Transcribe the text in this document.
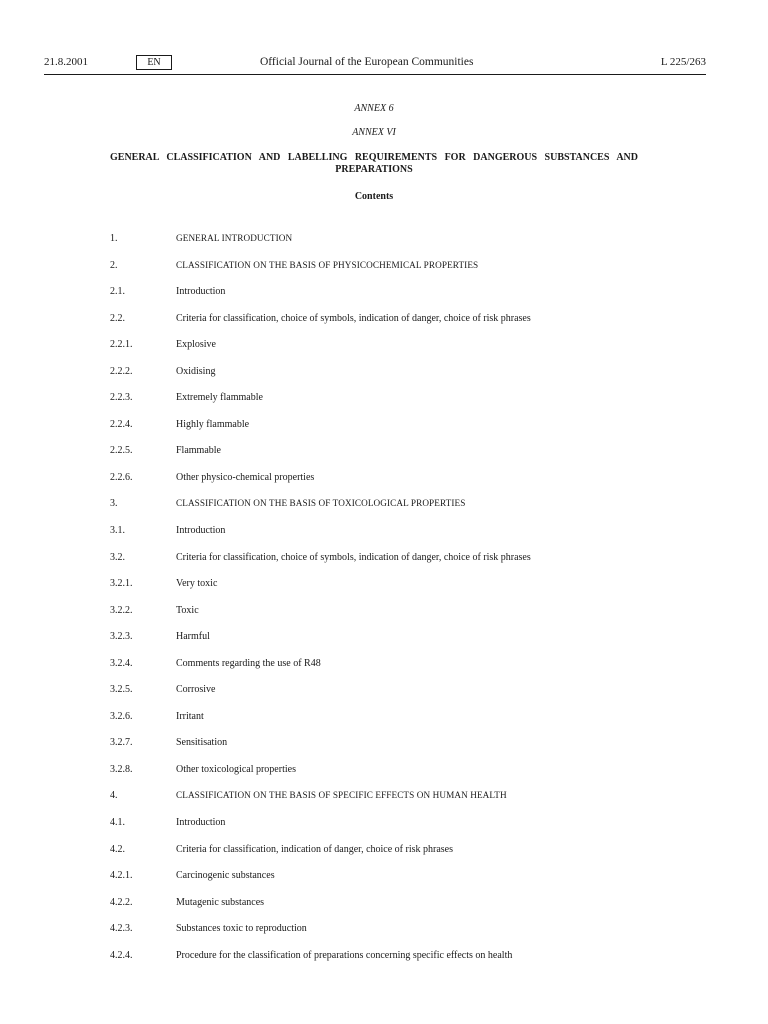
21.8.2001	EN	Official Journal of the European Communities	L 225/263
ANNEX 6
ANNEX VI
GENERAL CLASSIFICATION AND LABELLING REQUIREMENTS FOR DANGEROUS SUBSTANCES AND PREPARATIONS
Contents
1.	GENERAL INTRODUCTION
2.	CLASSIFICATION ON THE BASIS OF PHYSICOCHEMICAL PROPERTIES
2.1.	Introduction
2.2.	Criteria for classification, choice of symbols, indication of danger, choice of risk phrases
2.2.1.	Explosive
2.2.2.	Oxidising
2.2.3.	Extremely flammable
2.2.4.	Highly flammable
2.2.5.	Flammable
2.2.6.	Other physico-chemical properties
3.	CLASSIFICATION ON THE BASIS OF TOXICOLOGICAL PROPERTIES
3.1.	Introduction
3.2.	Criteria for classification, choice of symbols, indication of danger, choice of risk phrases
3.2.1.	Very toxic
3.2.2.	Toxic
3.2.3.	Harmful
3.2.4.	Comments regarding the use of R48
3.2.5.	Corrosive
3.2.6.	Irritant
3.2.7.	Sensitisation
3.2.8.	Other toxicological properties
4.	CLASSIFICATION ON THE BASIS OF SPECIFIC EFFECTS ON HUMAN HEALTH
4.1.	Introduction
4.2.	Criteria for classification, indication of danger, choice of risk phrases
4.2.1.	Carcinogenic substances
4.2.2.	Mutagenic substances
4.2.3.	Substances toxic to reproduction
4.2.4.	Procedure for the classification of preparations concerning specific effects on health
